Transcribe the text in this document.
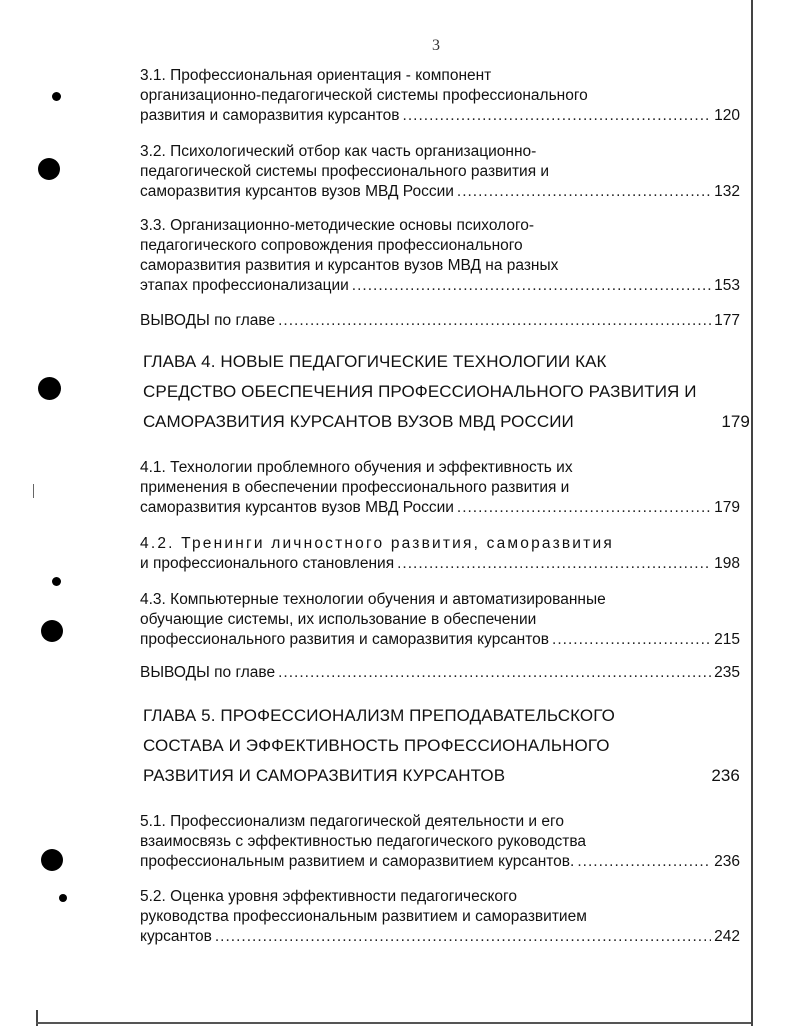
3
3.1. Профессиональная ориентация - компонент
организационно-педагогической системы профессионального
развития и саморазвития курсантов .....	120
3.2. Психологический отбор как часть организационно-
педагогической системы профессионального развития и
саморазвития курсантов вузов МВД России .....	132
3.3. Организационно-методические основы психолого-
педагогического сопровождения профессионального
саморазвития развития и курсантов вузов МВД на разных
этапах профессионализации .....	153
ВЫВОДЫ по главе .....	177
ГЛАВА 4. НОВЫЕ ПЕДАГОГИЧЕСКИЕ ТЕХНОЛОГИИ КАК
СРЕДСТВО ОБЕСПЕЧЕНИЯ ПРОФЕССИОНАЛЬНОГО РАЗВИТИЯ И
САМОРАЗВИТИЯ КУРСАНТОВ ВУЗОВ МВД РОССИИ	179
4.1. Технологии проблемного обучения и эффективность их
применения в обеспечении профессионального развития и
саморазвития курсантов вузов МВД России .....	179
4.2. Тренинги личностного развития, саморазвития
и профессионального становления .....	198
4.3. Компьютерные технологии обучения и автоматизированные
обучающие системы, их использование в обеспечении
профессионального развития и саморазвития курсантов .....	215
ВЫВОДЫ по главе .....	235
ГЛАВА 5. ПРОФЕССИОНАЛИЗМ ПРЕПОДАВАТЕЛЬСКОГО
СОСТАВА И ЭФФЕКТИВНОСТЬ ПРОФЕССИОНАЛЬНОГО
РАЗВИТИЯ И САМОРАЗВИТИЯ КУРСАНТОВ	236
5.1. Профессионализм педагогической деятельности и его
взаимосвязь с эффективностью педагогического руководства
профессиональным развитием и саморазвитием курсантов. .....	236
5.2. Оценка уровня эффективности педагогического
руководства профессиональным развитием и саморазвитием
курсантов .....	242
